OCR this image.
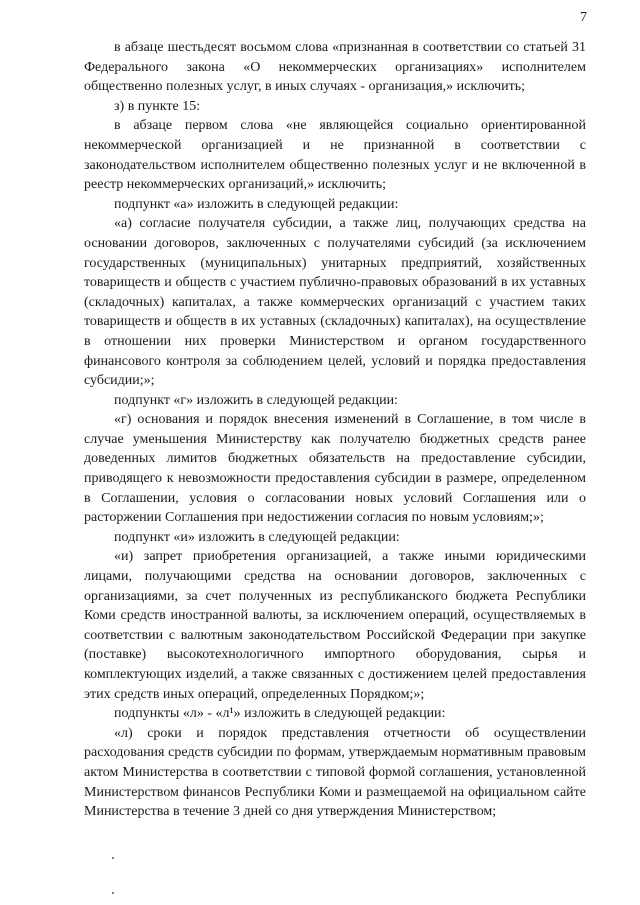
7

в абзаце шестьдесят восьмом слова «признанная в соответствии со статьей 31 Федерального закона «О некоммерческих организациях» исполнителем общественно полезных услуг, в иных случаях - организация,» исключить;

з) в пункте 15:

в абзаце первом слова «не являющейся социально ориентированной некоммерческой организацией и не признанной в соответствии с законодательством исполнителем общественно полезных услуг и не включенной в реестр некоммерческих организаций,» исключить;

подпункт «а» изложить в следующей редакции:

«а) согласие получателя субсидии, а также лиц, получающих средства на основании договоров, заключенных с получателями субсидий (за исключением государственных (муниципальных) унитарных предприятий, хозяйственных товариществ и обществ с участием публично-правовых образований в их уставных (складочных) капиталах, а также коммерческих организаций с участием таких товариществ и обществ в их уставных (складочных) капиталах), на осуществление в отношении них проверки Министерством и органом государственного финансового контроля за соблюдением целей, условий и порядка предоставления субсидии;»;

подпункт «г» изложить в следующей редакции:

«г) основания и порядок внесения изменений в Соглашение, в том числе в случае уменьшения Министерству как получателю бюджетных средств ранее доведенных лимитов бюджетных обязательств на предоставление субсидии, приводящего к невозможности предоставления субсидии в размере, определенном в Соглашении, условия о согласовании новых условий Соглашения или о расторжении Соглашения при недостижении согласия по новым условиям;»;

подпункт «и» изложить в следующей редакции:

«и) запрет приобретения организацией, а также иными юридическими лицами, получающими средства на основании договоров, заключенных с организациями, за счет полученных из республиканского бюджета Республики Коми средств иностранной валюты, за исключением операций, осуществляемых в соответствии с валютным законодательством Российской Федерации при закупке (поставке) высокотехнологичного импортного оборудования, сырья и комплектующих изделий, а также связанных с достижением целей предоставления этих средств иных операций, определенных Порядком;»;

подпункты «л» - «л¹» изложить в следующей редакции:

«л) сроки и порядок представления отчетности об осуществлении расходования средств субсидии по формам, утверждаемым нормативным правовым актом Министерства в соответствии с типовой формой соглашения, установленной Министерством финансов Республики Коми и размещаемой на официальном сайте Министерства в течение 3 дней со дня утверждения Министерством;
